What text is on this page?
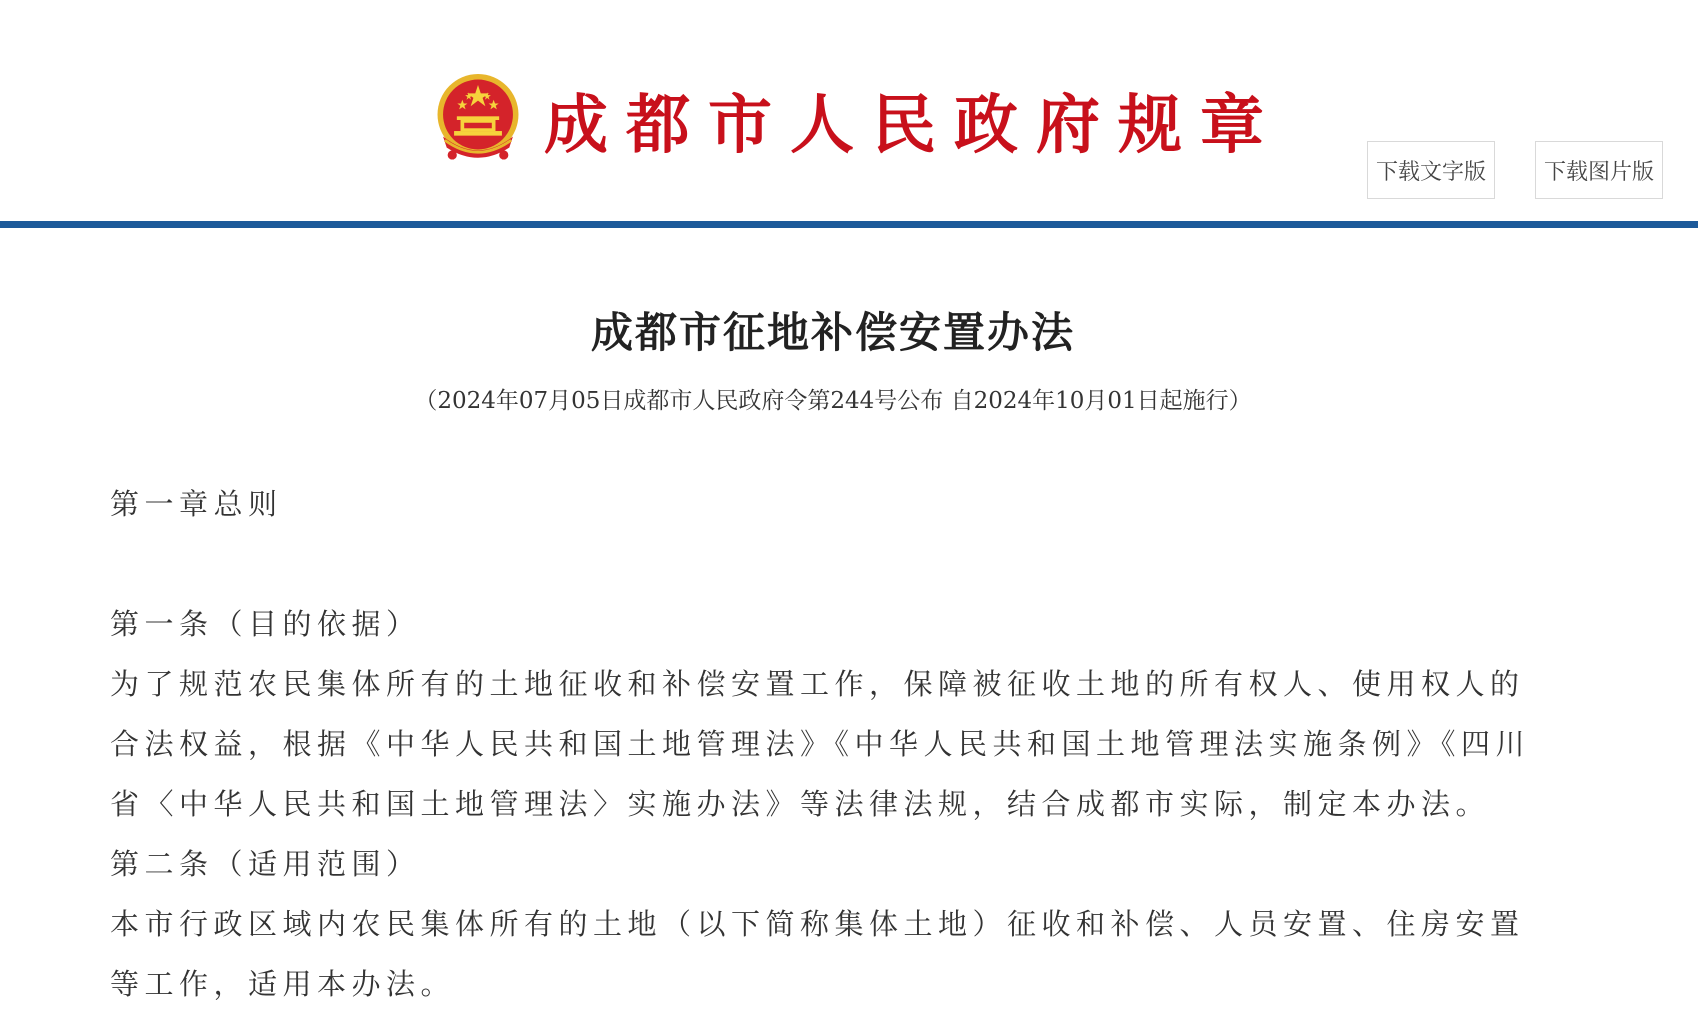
成都市人民政府规章
下载文字版	下载图片版
成都市征地补偿安置办法
（2024年07月05日成都市人民政府令第244号公布 自2024年10月01日起施行）
第一章总则
第一条（目的依据）

为了规范农民集体所有的土地征收和补偿安置工作，保障被征收土地的所有权人、使用权人的合法权益，根据《中华人民共和国土地管理法》《中华人民共和国土地管理法实施条例》《四川省〈中华人民共和国土地管理法〉实施办法》等法律法规，结合成都市实际，制定本办法。

第二条（适用范围）

本市行政区域内农民集体所有的土地（以下简称集体土地）征收和补偿、人员安置、住房安置等工作，适用本办法。
